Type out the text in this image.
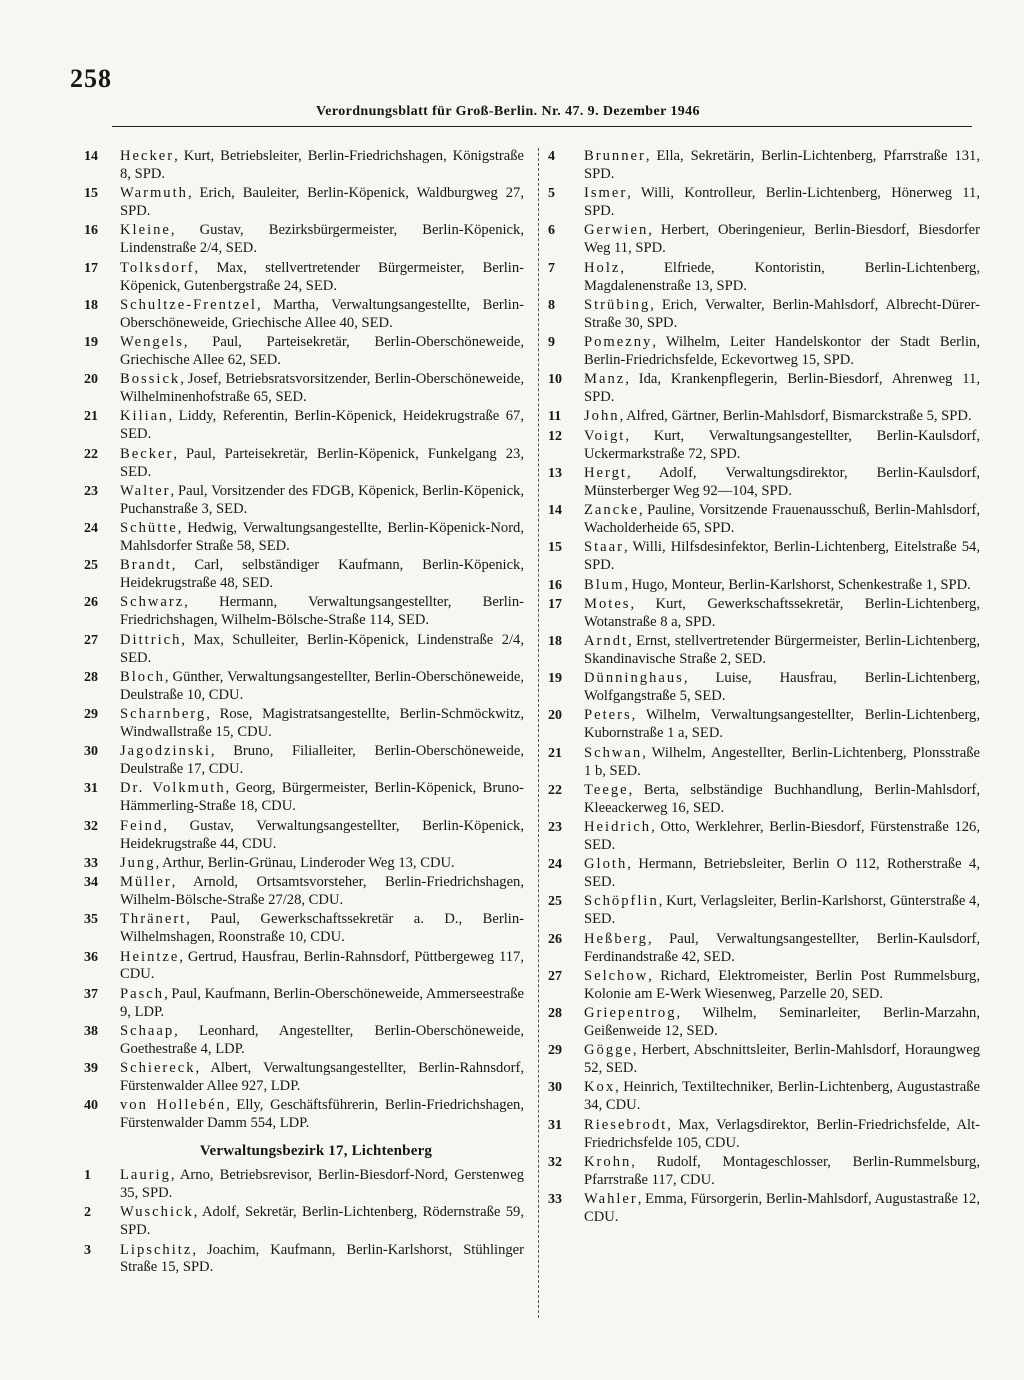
258
Verordnungsblatt für Groß-Berlin. Nr. 47. 9. Dezember 1946
14	Hecker, Kurt, Betriebsleiter, Berlin-Friedrichshagen, Königstraße 8, SPD.
15	Warmuth, Erich, Bauleiter, Berlin-Köpenick, Waldburgweg 27, SPD.
16	Kleine, Gustav, Bezirksbürgermeister, Berlin-Köpenick, Lindenstraße 2/4, SED.
17	Tolksdorf, Max, stellvertretender Bürgermeister, Berlin-Köpenick, Gutenbergstraße 24, SED.
18	Schultze-Frentzel, Martha, Verwaltungsangestellte, Berlin-Oberschöneweide, Griechische Allee 40, SED.
19	Wengels, Paul, Parteisekretär, Berlin-Oberschöneweide, Griechische Allee 62, SED.
20	Bossick, Josef, Betriebsratsvorsitzender, Berlin-Oberschöneweide, Wilhelminenhofstraße 65, SED.
21	Kilian, Liddy, Referentin, Berlin-Köpenick, Heidekrugstraße 67, SED.
22	Becker, Paul, Parteisekretär, Berlin-Köpenick, Funkelgang 23, SED.
23	Walter, Paul, Vorsitzender des FDGB, Köpenick, Berlin-Köpenick, Puchanstraße 3, SED.
24	Schütte, Hedwig, Verwaltungsangestellte, Berlin-Köpenick-Nord, Mahlsdorfer Straße 58, SED.
25	Brandt, Carl, selbständiger Kaufmann, Berlin-Köpenick, Heidekrugstraße 48, SED.
26	Schwarz, Hermann, Verwaltungsangestellter, Berlin-Friedrichshagen, Wilhelm-Bölsche-Straße 114, SED.
27	Dittrich, Max, Schulleiter, Berlin-Köpenick, Lindenstraße 2/4, SED.
28	Bloch, Günther, Verwaltungsangestellter, Berlin-Oberschöneweide, Deulstraße 10, CDU.
29	Scharnberg, Rose, Magistratsangestellte, Berlin-Schmöckwitz, Windwallstraße 15, CDU.
30	Jagodzinski, Bruno, Filialleiter, Berlin-Oberschöneweide, Deulstraße 17, CDU.
31	Dr. Volkmuth, Georg, Bürgermeister, Berlin-Köpenick, Bruno-Hämmerling-Straße 18, CDU.
32	Feind, Gustav, Verwaltungsangestellter, Berlin-Köpenick, Heidekrugstraße 44, CDU.
33	Jung, Arthur, Berlin-Grünau, Linderoder Weg 13, CDU.
34	Müller, Arnold, Ortsamtsvorsteher, Berlin-Friedrichshagen, Wilhelm-Bölsche-Straße 27/28, CDU.
35	Thränert, Paul, Gewerkschaftssekretär a. D., Berlin-Wilhelmshagen, Roonstraße 10, CDU.
36	Heintze, Gertrud, Hausfrau, Berlin-Rahnsdorf, Püttbergeweg 117, CDU.
37	Pasch, Paul, Kaufmann, Berlin-Oberschöneweide, Ammerseestraße 9, LDP.
38	Schaap, Leonhard, Angestellter, Berlin-Oberschöneweide, Goethestraße 4, LDP.
39	Schiereck, Albert, Verwaltungsangestellter, Berlin-Rahnsdorf, Fürstenwalder Allee 927, LDP.
40	von Hollebén, Elly, Geschäftsführerin, Berlin-Friedrichshagen, Fürstenwalder Damm 554, LDP.
Verwaltungsbezirk 17, Lichtenberg
1	Laurig, Arno, Betriebsrevisor, Berlin-Biesdorf-Nord, Gerstenweg 35, SPD.
2	Wuschick, Adolf, Sekretär, Berlin-Lichtenberg, Rödernstraße 59, SPD.
3	Lipschitz, Joachim, Kaufmann, Berlin-Karlshorst, Stühlinger Straße 15, SPD.
4	Brunner, Ella, Sekretärin, Berlin-Lichtenberg, Pfarrstraße 131, SPD.
5	Ismer, Willi, Kontrolleur, Berlin-Lichtenberg, Hönerweg 11, SPD.
6	Gerwien, Herbert, Oberingenieur, Berlin-Biesdorf, Biesdorfer Weg 11, SPD.
7	Holz, Elfriede, Kontoristin, Berlin-Lichtenberg, Magdalenenstraße 13, SPD.
8	Strübing, Erich, Verwalter, Berlin-Mahlsdorf, Albrecht-Dürer-Straße 30, SPD.
9	Pomezny, Wilhelm, Leiter Handelskontor der Stadt Berlin, Berlin-Friedrichsfelde, Eckevortweg 15, SPD.
10	Manz, Ida, Krankenpflegerin, Berlin-Biesdorf, Ahrenweg 11, SPD.
11	John, Alfred, Gärtner, Berlin-Mahlsdorf, Bismarckstraße 5, SPD.
12	Voigt, Kurt, Verwaltungsangestellter, Berlin-Kaulsdorf, Uckermarkstraße 72, SPD.
13	Hergt, Adolf, Verwaltungsdirektor, Berlin-Kaulsdorf, Münsterberger Weg 92—104, SPD.
14	Zancke, Pauline, Vorsitzende Frauenausschuß, Berlin-Mahlsdorf, Wacholderheide 65, SPD.
15	Staar, Willi, Hilfsdesinfektor, Berlin-Lichtenberg, Eitelstraße 54, SPD.
16	Blum, Hugo, Monteur, Berlin-Karlshorst, Schenkestraße 1, SPD.
17	Motes, Kurt, Gewerkschaftssekretär, Berlin-Lichtenberg, Wotanstraße 8 a, SPD.
18	Arndt, Ernst, stellvertretender Bürgermeister, Berlin-Lichtenberg, Skandinavische Straße 2, SED.
19	Dünninghaus, Luise, Hausfrau, Berlin-Lichtenberg, Wolfgangstraße 5, SED.
20	Peters, Wilhelm, Verwaltungsangestellter, Berlin-Lichtenberg, Kubornstraße 1 a, SED.
21	Schwan, Wilhelm, Angestellter, Berlin-Lichtenberg, Plonsstraße 1 b, SED.
22	Teege, Berta, selbständige Buchhandlung, Berlin-Mahlsdorf, Kleeackerweg 16, SED.
23	Heidrich, Otto, Werklehrer, Berlin-Biesdorf, Fürstenstraße 126, SED.
24	Gloth, Hermann, Betriebsleiter, Berlin O 112, Rotherstraße 4, SED.
25	Schöpflin, Kurt, Verlagsleiter, Berlin-Karlshorst, Günterstraße 4, SED.
26	Heßberg, Paul, Verwaltungsangestellter, Berlin-Kaulsdorf, Ferdinandstraße 42, SED.
27	Selchow, Richard, Elektromeister, Berlin Post Rummelsburg, Kolonie am E-Werk Wiesenweg, Parzelle 20, SED.
28	Griepentrog, Wilhelm, Seminarleiter, Berlin-Marzahn, Geißenweide 12, SED.
29	Gögge, Herbert, Abschnittsleiter, Berlin-Mahlsdorf, Horaungweg 52, SED.
30	Kox, Heinrich, Textiltechniker, Berlin-Lichtenberg, Augustastraße 34, CDU.
31	Riesebrodt, Max, Verlagsdirektor, Berlin-Friedrichsfelde, Alt-Friedrichsfelde 105, CDU.
32	Krohn, Rudolf, Montageschlosser, Berlin-Rummelsburg, Pfarrstraße 117, CDU.
33	Wahler, Emma, Fürsorgerin, Berlin-Mahlsdorf, Augustastraße 12, CDU.
